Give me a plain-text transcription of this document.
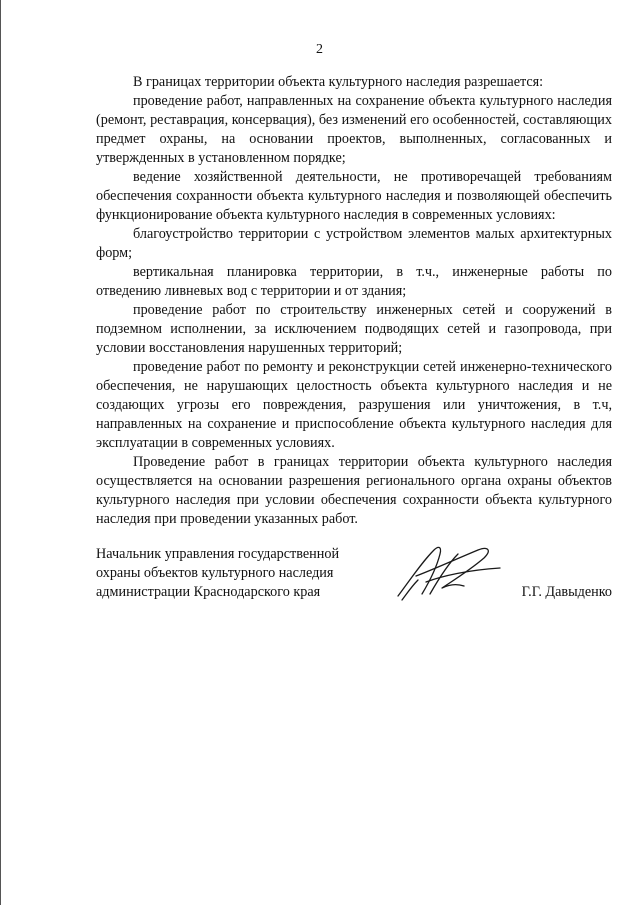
2

В границах территории объекта культурного наследия разрешается:

проведение работ, направленных на сохранение объекта культурного наследия (ремонт, реставрация, консервация), без изменений его особенностей, составляющих предмет охраны, на основании проектов, выполненных, согласованных и утвержденных в установленном порядке;

ведение хозяйственной деятельности, не противоречащей требованиям обеспечения сохранности объекта культурного наследия и позволяющей обеспечить функционирование объекта культурного наследия в современных условиях:

благоустройство территории с устройством элементов малых архитектурных форм;

вертикальная планировка территории, в т.ч., инженерные работы по отведению ливневых вод с территории и от здания;

проведение работ по строительству инженерных сетей и сооружений в подземном исполнении, за исключением подводящих сетей и газопровода, при условии восстановления нарушенных территорий;

проведение работ по ремонту и реконструкции сетей инженерно-технического обеспечения, не нарушающих целостность объекта культурного наследия и не создающих угрозы его повреждения, разрушения или уничтожения, в т.ч, направленных на сохранение и приспособление объекта культурного наследия для эксплуатации в современных условиях.

Проведение работ в границах территории объекта культурного наследия осуществляется на основании разрешения регионального органа охраны объектов культурного наследия при условии обеспечения сохранности объекта культурного наследия при проведении указанных работ.

Начальник управления государственной
охраны объектов культурного наследия
администрации Краснодарского края	Г.Г. Давыденко
